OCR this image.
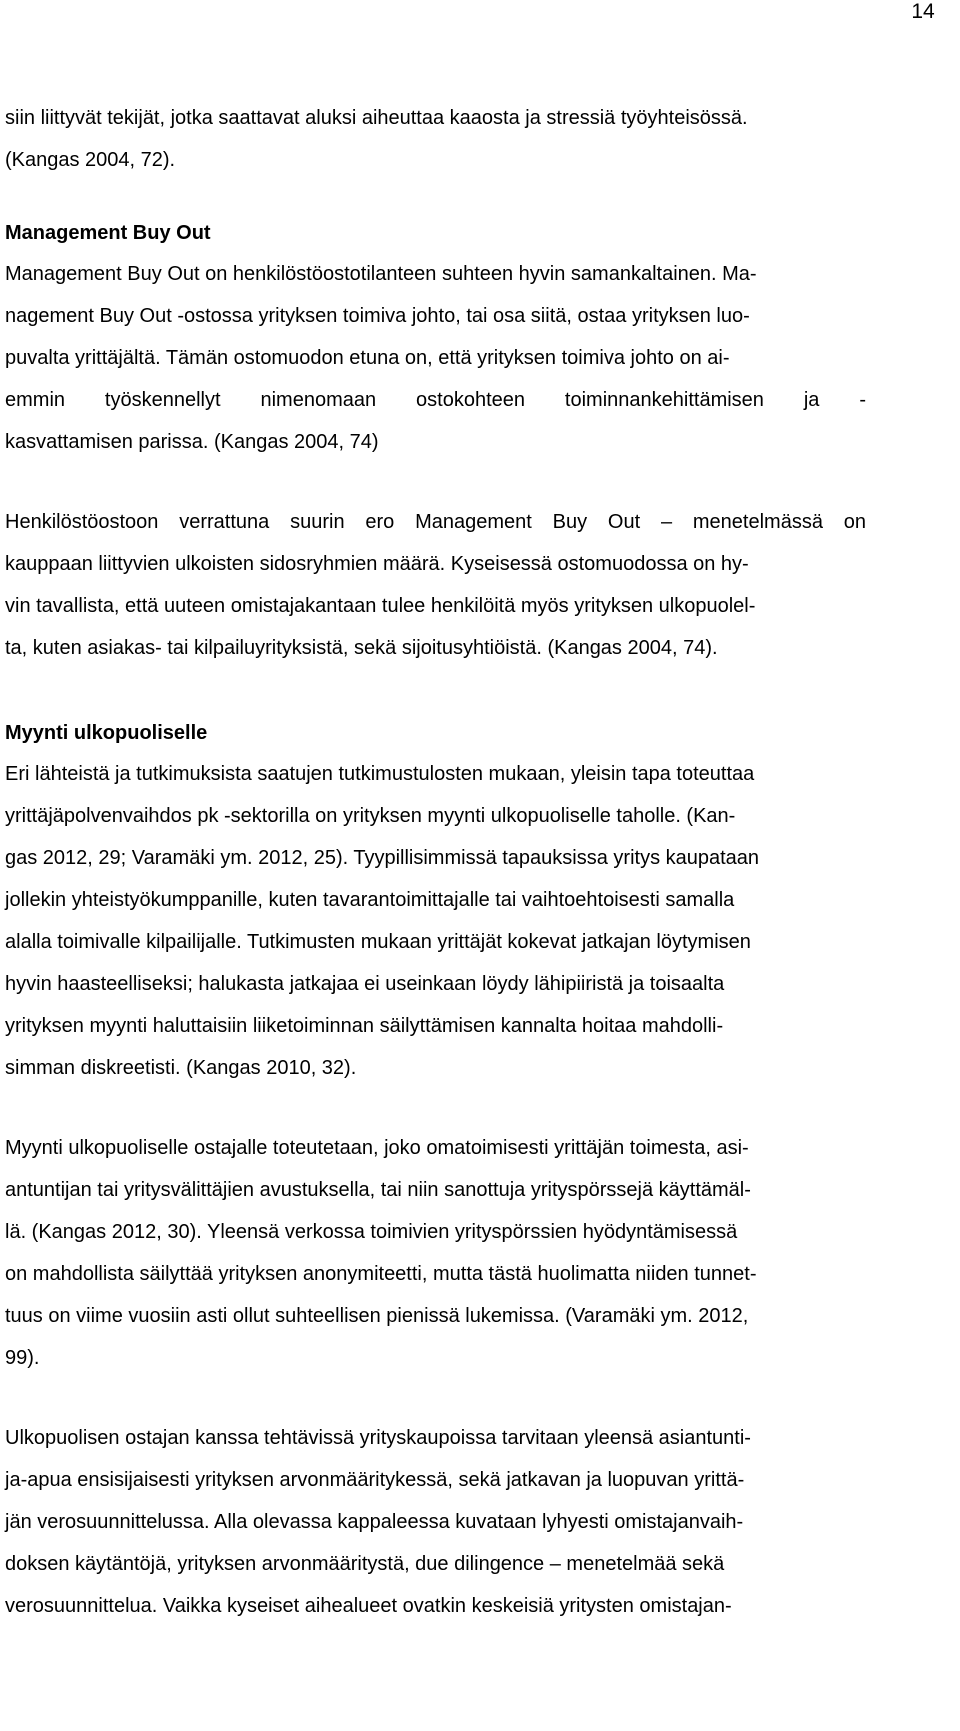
14
siin liittyvät tekijät, jotka saattavat aluksi aiheuttaa kaaosta ja stressiä työyhteisössä.
(Kangas 2004, 72).
Management Buy Out
Management Buy Out on henkilöstöostotilanteen suhteen hyvin samankaltainen. Ma-
nagement Buy Out -ostossa yrityksen toimiva johto, tai osa siitä, ostaa yrityksen luo-
puvalta yrittäjältä. Tämän ostomuodon etuna on, että yrityksen toimiva johto on ai-
emmin työskennellyt nimenomaan ostokohteen toiminnankehittämisen ja -
kasvattamisen parissa. (Kangas 2004, 74)
Henkilöstöostoon verrattuna suurin ero Management Buy Out – menetelmässä on
kauppaan liittyvien ulkoisten sidosryhmien määrä. Kyseisessä ostomuodossa on hy-
vin tavallista, että uuteen omistajakantaan tulee henkilöitä myös yrityksen ulkopuolel-
ta, kuten asiakas- tai kilpailuyrityksistä, sekä sijoitusyhtiöistä. (Kangas 2004, 74).
Myynti ulkopuoliselle
Eri lähteistä ja tutkimuksista saatujen tutkimustulosten mukaan, yleisin tapa toteuttaa
yrittäjäpolvenvaihdos pk -sektorilla on yrityksen myynti ulkopuoliselle taholle. (Kan-
gas 2012, 29; Varamäki ym. 2012, 25). Tyypillisimmissä tapauksissa yritys kaupataan
jollekin yhteistyökumppanille, kuten tavarantoimittajalle tai vaihtoehtoisesti samalla
alalla toimivalle kilpailijalle. Tutkimusten mukaan yrittäjät kokevat jatkajan löytymisen
hyvin haasteelliseksi; halukasta jatkajaa ei useinkaan löydy lähipiiristä ja toisaalta
yrityksen myynti haluttaisiin liiketoiminnan säilyttämisen kannalta hoitaa mahdolli-
simman diskreetisti. (Kangas 2010, 32).
Myynti ulkopuoliselle ostajalle toteutetaan, joko omatoimisesti yrittäjän toimesta, asi-
antuntijan tai yritysvälittäjien avustuksella, tai niin sanottuja yrityspörssejä käyttämäl-
lä. (Kangas 2012, 30). Yleensä verkossa toimivien yrityspörssien hyödyntämisessä
on mahdollista säilyttää yrityksen anonymiteetti, mutta tästä huolimatta niiden tunnet-
tuus on viime vuosiin asti ollut suhteellisen pienissä lukemissa. (Varamäki ym. 2012,
99).
Ulkopuolisen ostajan kanssa tehtävissä yrityskaupoissa tarvitaan yleensä asiantunti-
ja-apua ensisijaisesti yrityksen arvonmääritykessä, sekä jatkavan ja luopuvan yrittä-
jän verosuunnittelussa. Alla olevassa kappaleessa kuvataan lyhyesti omistajanvaih-
doksen käytäntöjä, yrityksen arvonmääritystä, due dilingence – menetelmää sekä
verosuunnittelua. Vaikka kyseiset aihealueet ovatkin keskeisiä yritysten omistajan-
